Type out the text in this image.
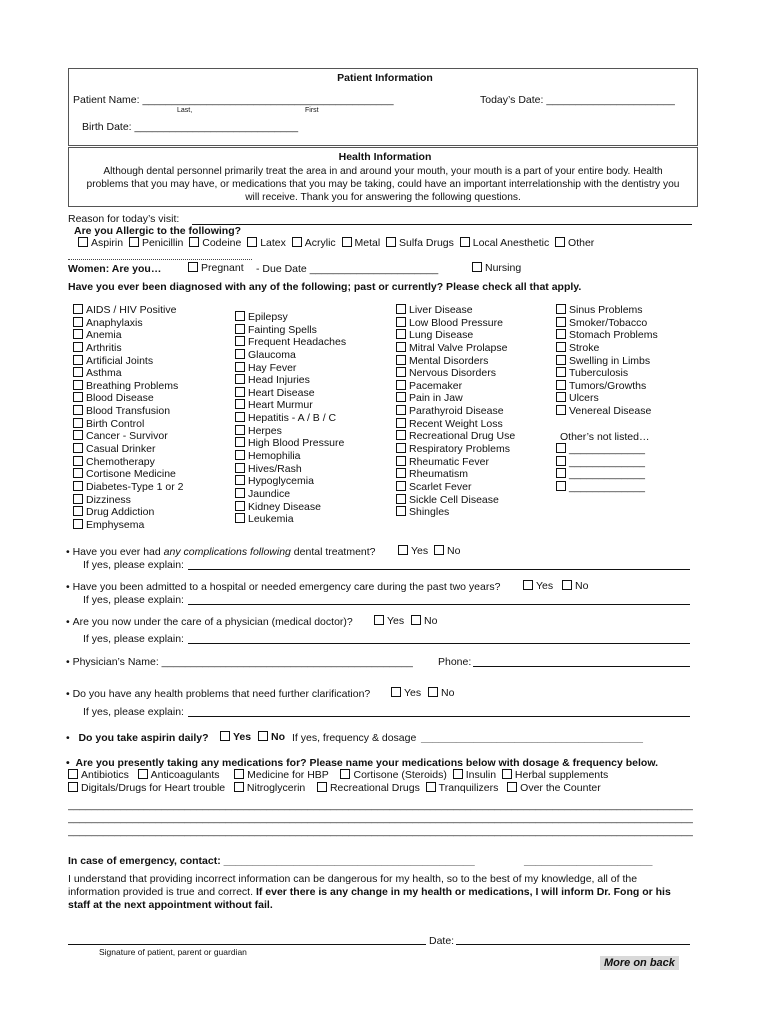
Patient Information
Patient Name: ___________________________________________	Today’s Date: ______________________
Last,	First
Birth Date: ____________________________
Health Information
Although dental personnel primarily treat the area in and around your mouth, your mouth is a part of your entire body. Health
problems that you may have, or medications that you may be taking, could have an important interrelationship with the dentistry you
will receive. Thank you for answering the following questions.
Reason for today’s visit:
Are you Allergic to the following?
Aspirin Penicillin Codeine Latex Acrylic Metal Sulfa Drugs Local Anesthetic Other
Women: Are you…	Pregnant - Due Date ______________________	Nursing
Have you ever been diagnosed with any of the following; past or currently? Please check all that apply.
AIDS / HIV Positive
Anaphylaxis
Anemia
Arthritis
Artificial Joints
Asthma
Breathing Problems
Blood Disease
Blood Transfusion
Birth Control
Cancer - Survivor
Casual Drinker
Chemotherapy
Cortisone Medicine
Diabetes-Type 1 or 2
Dizziness
Drug Addiction
Emphysema
Epilepsy
Fainting Spells
Frequent Headaches
Glaucoma
Hay Fever
Head Injuries
Heart Disease
Heart Murmur
Hepatitis - A / B / C
Herpes
High Blood Pressure
Hemophilia
Hives/Rash
Hypoglycemia
Jaundice
Kidney Disease
Leukemia
Liver Disease
Low Blood Pressure
Lung Disease
Mitral Valve Prolapse
Mental Disorders
Nervous Disorders
Pacemaker
Pain in Jaw
Parathyroid Disease
Recent Weight Loss
Recreational Drug Use
Respiratory Problems
Rheumatic Fever
Rheumatism
Scarlet Fever
Sickle Cell Disease
Shingles
Sinus Problems
Smoker/Tobacco
Stomach Problems
Stroke
Swelling in Limbs
Tuberculosis
Tumors/Growths
Ulcers
Venereal Disease
Other’s not listed…
_____________
_____________
_____________
_____________
• Have you ever had any complications following dental treatment?	Yes	No
If yes, please explain:
• Have you been admitted to a hospital or needed emergency care during the past two years?	Yes	No
If yes, please explain:
• Are you now under the care of a physician (medical doctor)?	Yes	No
If yes, please explain:
• Physician’s Name: ___________________________________________ Phone:
• Do you have any health problems that need further clarification?	Yes	No
If yes, please explain:
•   Do you take aspirin daily?	Yes	No If yes, frequency & dosage ______________________________________
•  Are you presently taking any medications for? Please name your medications below with dosage & frequency below.
Antibiotics Anticoagulants	Medicine for HBP Cortisone (Steroids) Insulin Herbal supplements
Digitals/Drugs for Heart trouble Nitroglycerin Recreational Drugs Tranquilizers Over the Counter
___________________________________________________________________________________________________________
___________________________________________________________________________________________________________
___________________________________________________________________________________________________________
In case of emergency, contact: ___________________________________________	______________________
I understand that providing incorrect information can be dangerous for my health, so to the best of my knowledge, all of the
information provided is true and correct. If ever there is any change in my health or medications, I will inform Dr. Fong or his
staff at the next appointment without fail.
Date:
Signature of patient, parent or guardian
More on back
